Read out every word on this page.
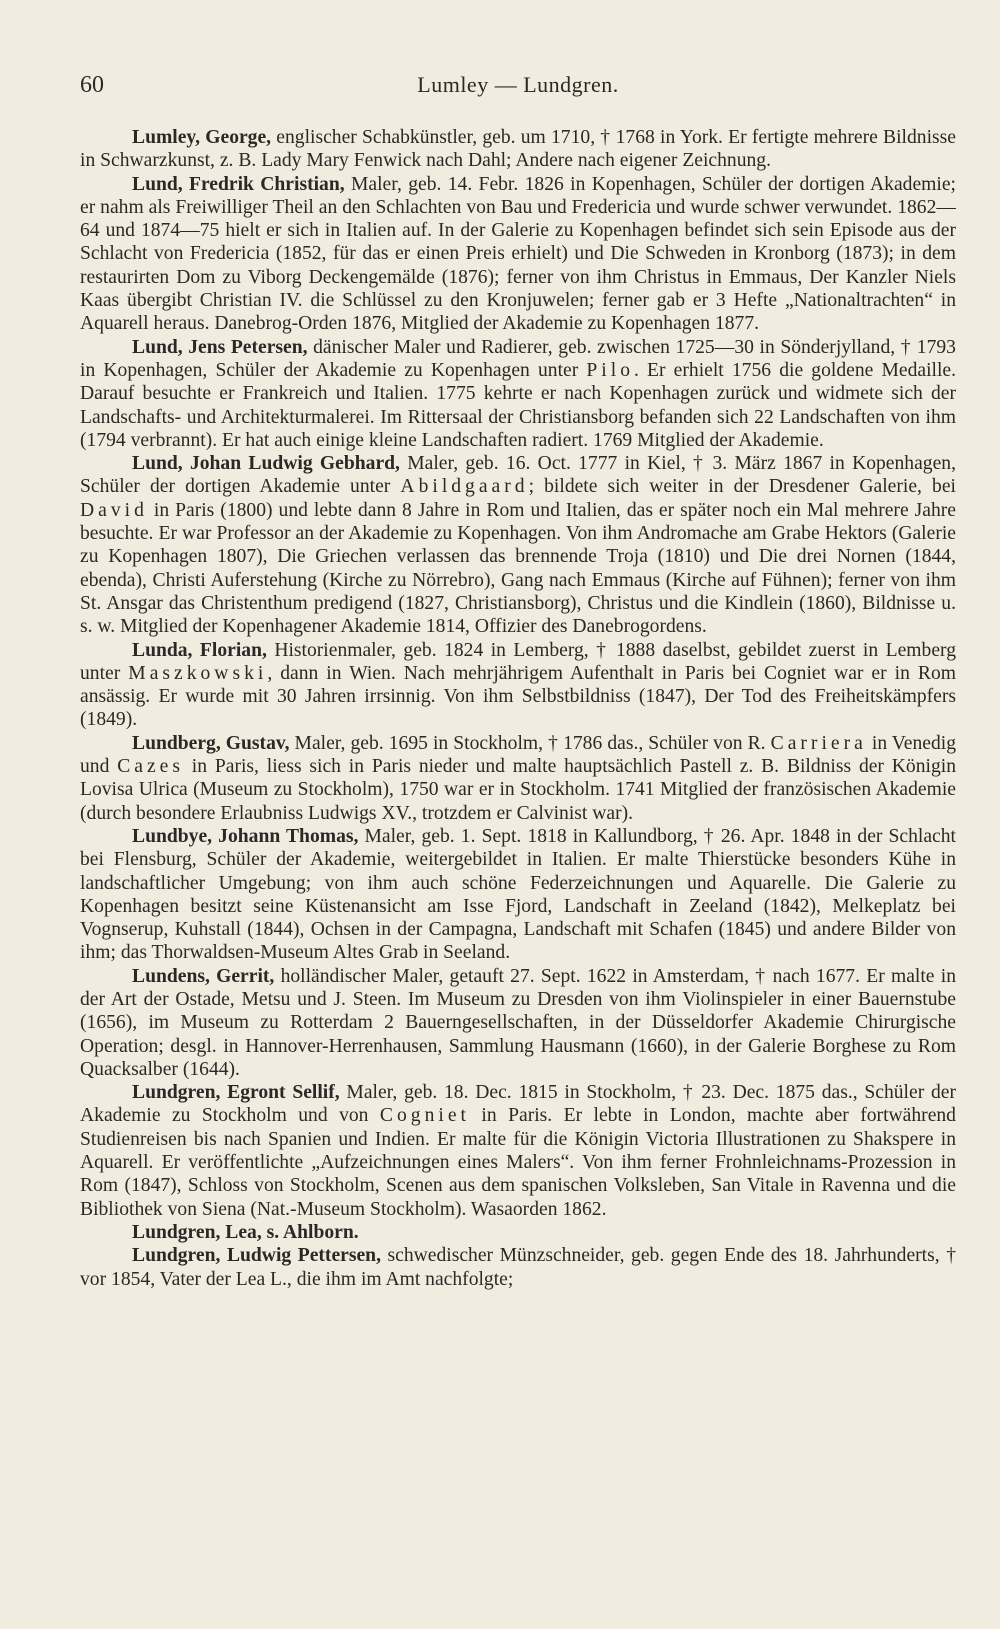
60	Lumley — Lundgren.

Lumley, George, englischer Schabkünstler, geb. um 1710, † 1768 in York. Er fertigte mehrere Bildnisse in Schwarzkunst, z. B. Lady Mary Fenwick nach Dahl; Andere nach eigener Zeichnung.

Lund, Fredrik Christian, Maler, geb. 14. Febr. 1826 in Kopenhagen, Schüler der dortigen Akademie; er nahm als Freiwilliger Theil an den Schlachten von Bau und Fredericia und wurde schwer verwundet. 1862—64 und 1874—75 hielt er sich in Italien auf. In der Galerie zu Kopenhagen befindet sich sein Episode aus der Schlacht von Fredericia (1852, für das er einen Preis erhielt) und Die Schweden in Kronborg (1873); in dem restaurirten Dom zu Viborg Deckengemälde (1876); ferner von ihm Christus in Emmaus, Der Kanzler Niels Kaas übergibt Christian IV. die Schlüssel zu den Kronjuwelen; ferner gab er 3 Hefte „Nationaltrachten“ in Aquarell heraus. Danebrog-Orden 1876, Mitglied der Akademie zu Kopenhagen 1877.

Lund, Jens Petersen, dänischer Maler und Radierer, geb. zwischen 1725—30 in Sönderjylland, † 1793 in Kopenhagen, Schüler der Akademie zu Kopenhagen unter Pilo. Er erhielt 1756 die goldene Medaille. Darauf besuchte er Frankreich und Italien. 1775 kehrte er nach Kopenhagen zurück und widmete sich der Landschafts- und Architekturmalerei. Im Rittersaal der Christiansborg befanden sich 22 Landschaften von ihm (1794 verbrannt). Er hat auch einige kleine Landschaften radiert. 1769 Mitglied der Akademie.

Lund, Johan Ludwig Gebhard, Maler, geb. 16. Oct. 1777 in Kiel, † 3. März 1867 in Kopenhagen, Schüler der dortigen Akademie unter Abildgaard; bildete sich weiter in der Dresdener Galerie, bei David in Paris (1800) und lebte dann 8 Jahre in Rom und Italien, das er später noch ein Mal mehrere Jahre besuchte. Er war Professor an der Akademie zu Kopenhagen. Von ihm Andromache am Grabe Hektors (Galerie zu Kopenhagen 1807), Die Griechen verlassen das brennende Troja (1810) und Die drei Nornen (1844, ebenda), Christi Auferstehung (Kirche zu Nörrebro), Gang nach Emmaus (Kirche auf Fühnen); ferner von ihm St. Ansgar das Christenthum predigend (1827, Christiansborg), Christus und die Kindlein (1860), Bildnisse u. s. w. Mitglied der Kopenhagener Akademie 1814, Offizier des Danebrogordens.

Lunda, Florian, Historienmaler, geb. 1824 in Lemberg, † 1888 daselbst, gebildet zuerst in Lemberg unter Maszkowski, dann in Wien. Nach mehrjährigem Aufenthalt in Paris bei Cogniet war er in Rom ansässig. Er wurde mit 30 Jahren irrsinnig. Von ihm Selbstbildniss (1847), Der Tod des Freiheitskämpfers (1849).

Lundberg, Gustav, Maler, geb. 1695 in Stockholm, † 1786 das., Schüler von R. Carriera in Venedig und Cazes in Paris, liess sich in Paris nieder und malte hauptsächlich Pastell z. B. Bildniss der Königin Lovisa Ulrica (Museum zu Stockholm), 1750 war er in Stockholm. 1741 Mitglied der französischen Akademie (durch besondere Erlaubniss Ludwigs XV., trotzdem er Calvinist war).

Lundbye, Johann Thomas, Maler, geb. 1. Sept. 1818 in Kallundborg, † 26. Apr. 1848 in der Schlacht bei Flensburg, Schüler der Akademie, weitergebildet in Italien. Er malte Thierstücke besonders Kühe in landschaftlicher Umgebung; von ihm auch schöne Federzeichnungen und Aquarelle. Die Galerie zu Kopenhagen besitzt seine Küstenansicht am Isse Fjord, Landschaft in Zeeland (1842), Melkeplatz bei Vognserup, Kuhstall (1844), Ochsen in der Campagna, Landschaft mit Schafen (1845) und andere Bilder von ihm; das Thorwaldsen-Museum Altes Grab in Seeland.

Lundens, Gerrit, holländischer Maler, getauft 27. Sept. 1622 in Amsterdam, † nach 1677. Er malte in der Art der Ostade, Metsu und J. Steen. Im Museum zu Dresden von ihm Violinspieler in einer Bauernstube (1656), im Museum zu Rotterdam 2 Bauerngesellschaften, in der Düsseldorfer Akademie Chirurgische Operation; desgl. in Hannover-Herrenhausen, Sammlung Hausmann (1660), in der Galerie Borghese zu Rom Quacksalber (1644).

Lundgren, Egront Sellif, Maler, geb. 18. Dec. 1815 in Stockholm, † 23. Dec. 1875 das., Schüler der Akademie zu Stockholm und von Cogniet in Paris. Er lebte in London, machte aber fortwährend Studienreisen bis nach Spanien und Indien. Er malte für die Königin Victoria Illustrationen zu Shakspere in Aquarell. Er veröffentlichte „Aufzeichnungen eines Malers“. Von ihm ferner Frohnleichnams-Prozession in Rom (1847), Schloss von Stockholm, Scenen aus dem spanischen Volksleben, San Vitale in Ravenna und die Bibliothek von Siena (Nat.-Museum Stockholm). Wasaorden 1862.

Lundgren, Lea, s. Ahlborn.

Lundgren, Ludwig Pettersen, schwedischer Münzschneider, geb. gegen Ende des 18. Jahrhunderts, † vor 1854, Vater der Lea L., die ihm im Amt nachfolgte;
